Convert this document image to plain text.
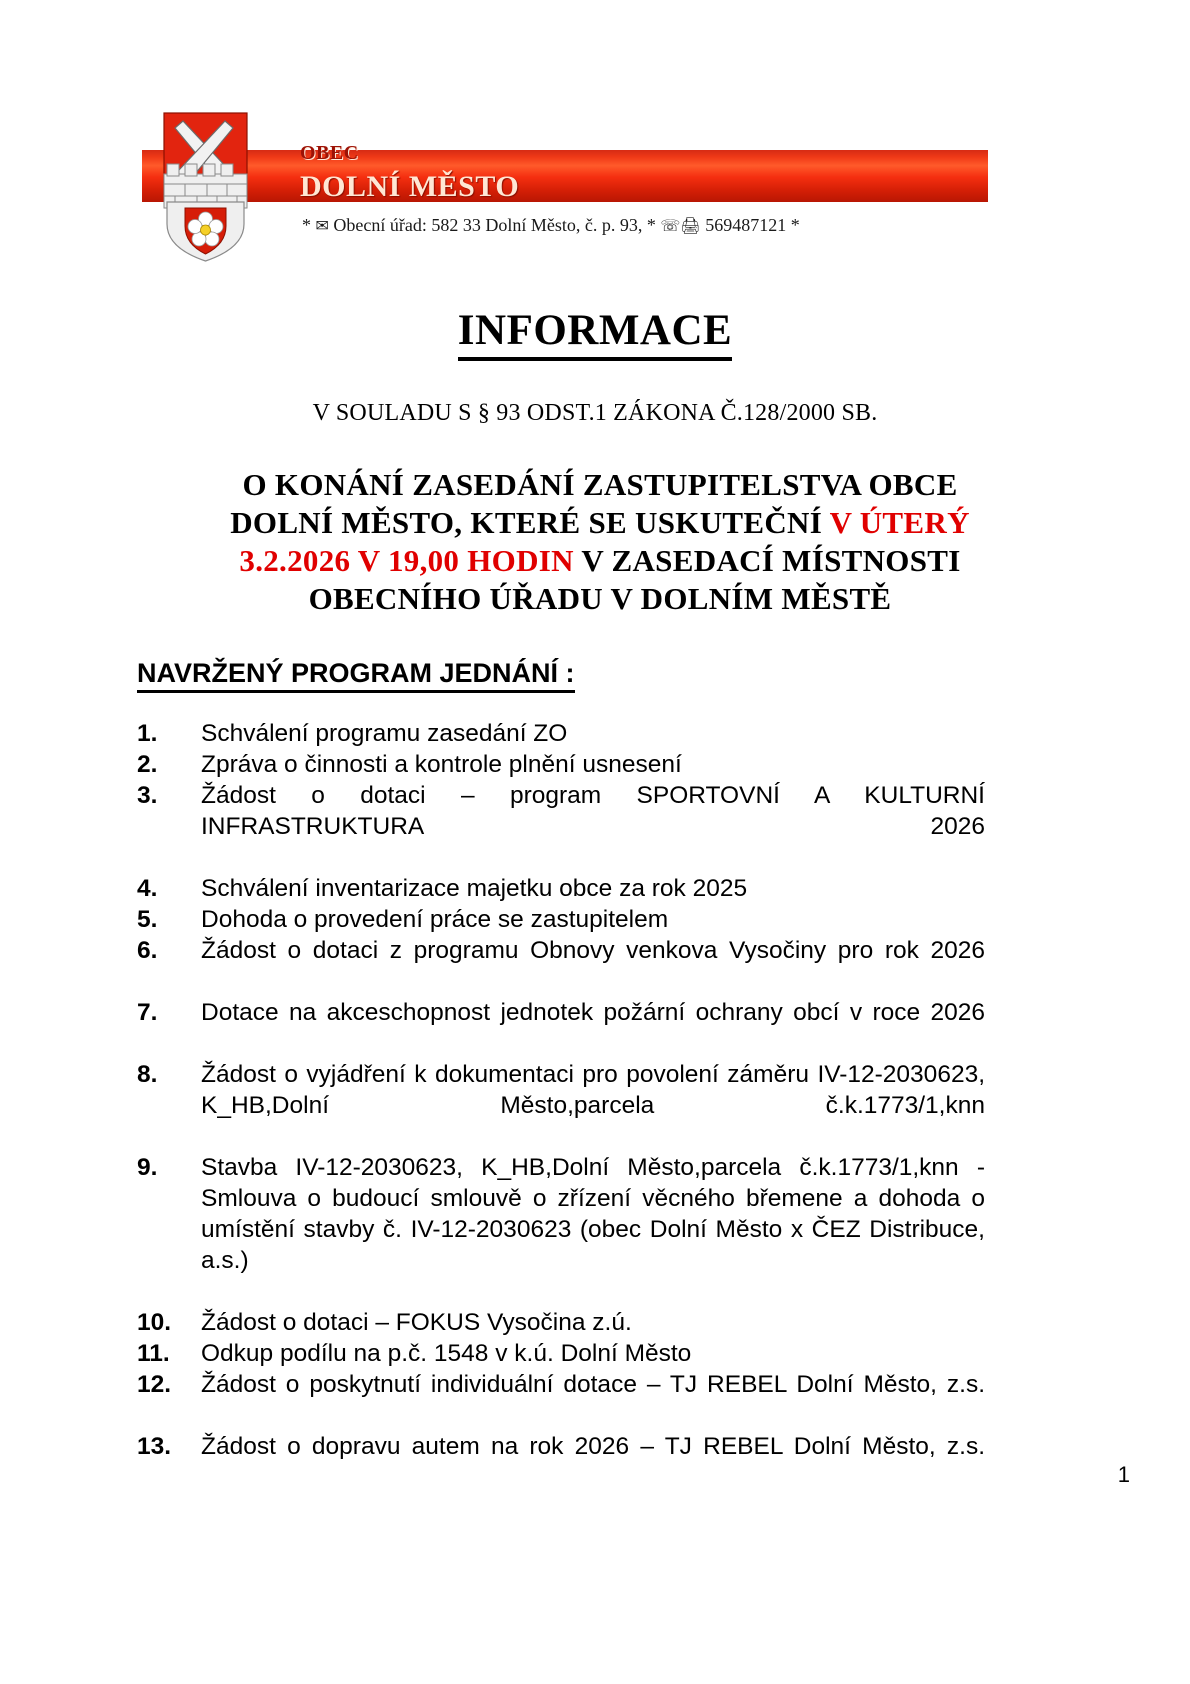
OBEC
DOLNÍ MĚSTO
* ✉ Obecní úřad: 582 33 Dolní Město, č. p. 93, * ☏🖨 569487121 *
INFORMACE
V SOULADU S § 93 ODST.1 ZÁKONA Č.128/2000 SB.
O KONÁNÍ ZASEDÁNÍ ZASTUPITELSTVA OBCE
DOLNÍ MĚSTO, KTERÉ SE USKUTEČNÍ V ÚTERÝ
3.2.2026 V 19,00 HODIN V ZASEDACÍ MÍSTNOSTI
OBECNÍHO ÚŘADU V DOLNÍM MĚSTĚ
NAVRŽENÝ PROGRAM JEDNÁNÍ :
1.	Schválení programu zasedání ZO
2.	Zpráva o činnosti a kontrole plnění usnesení
3.	Žádost o dotaci – program SPORTOVNÍ A KULTURNÍ INFRASTRUKTURA 2026
4.	Schválení inventarizace majetku obce za rok 2025
5.	Dohoda o provedení práce se zastupitelem
6.	Žádost o dotaci z programu Obnovy venkova Vysočiny pro rok 2026
7.	Dotace na akceschopnost jednotek požární ochrany obcí v roce 2026
8.	Žádost o vyjádření k dokumentaci pro povolení záměru IV-12-2030623, K_HB,Dolní Město,parcela č.k.1773/1,knn
9.	Stavba IV-12-2030623, K_HB,Dolní Město,parcela č.k.1773/1,knn - Smlouva o budoucí smlouvě o zřízení věcného břemene a dohoda o umístění stavby č. IV-12-2030623 (obec Dolní Město x ČEZ Distribuce, a.s.)
10.	Žádost o dotaci – FOKUS Vysočina z.ú.
11.	Odkup podílu na p.č. 1548 v k.ú. Dolní Město
12.	Žádost o poskytnutí individuální dotace – TJ REBEL Dolní Město, z.s.
13.	Žádost o dopravu autem na rok 2026 – TJ REBEL Dolní Město, z.s.
1
